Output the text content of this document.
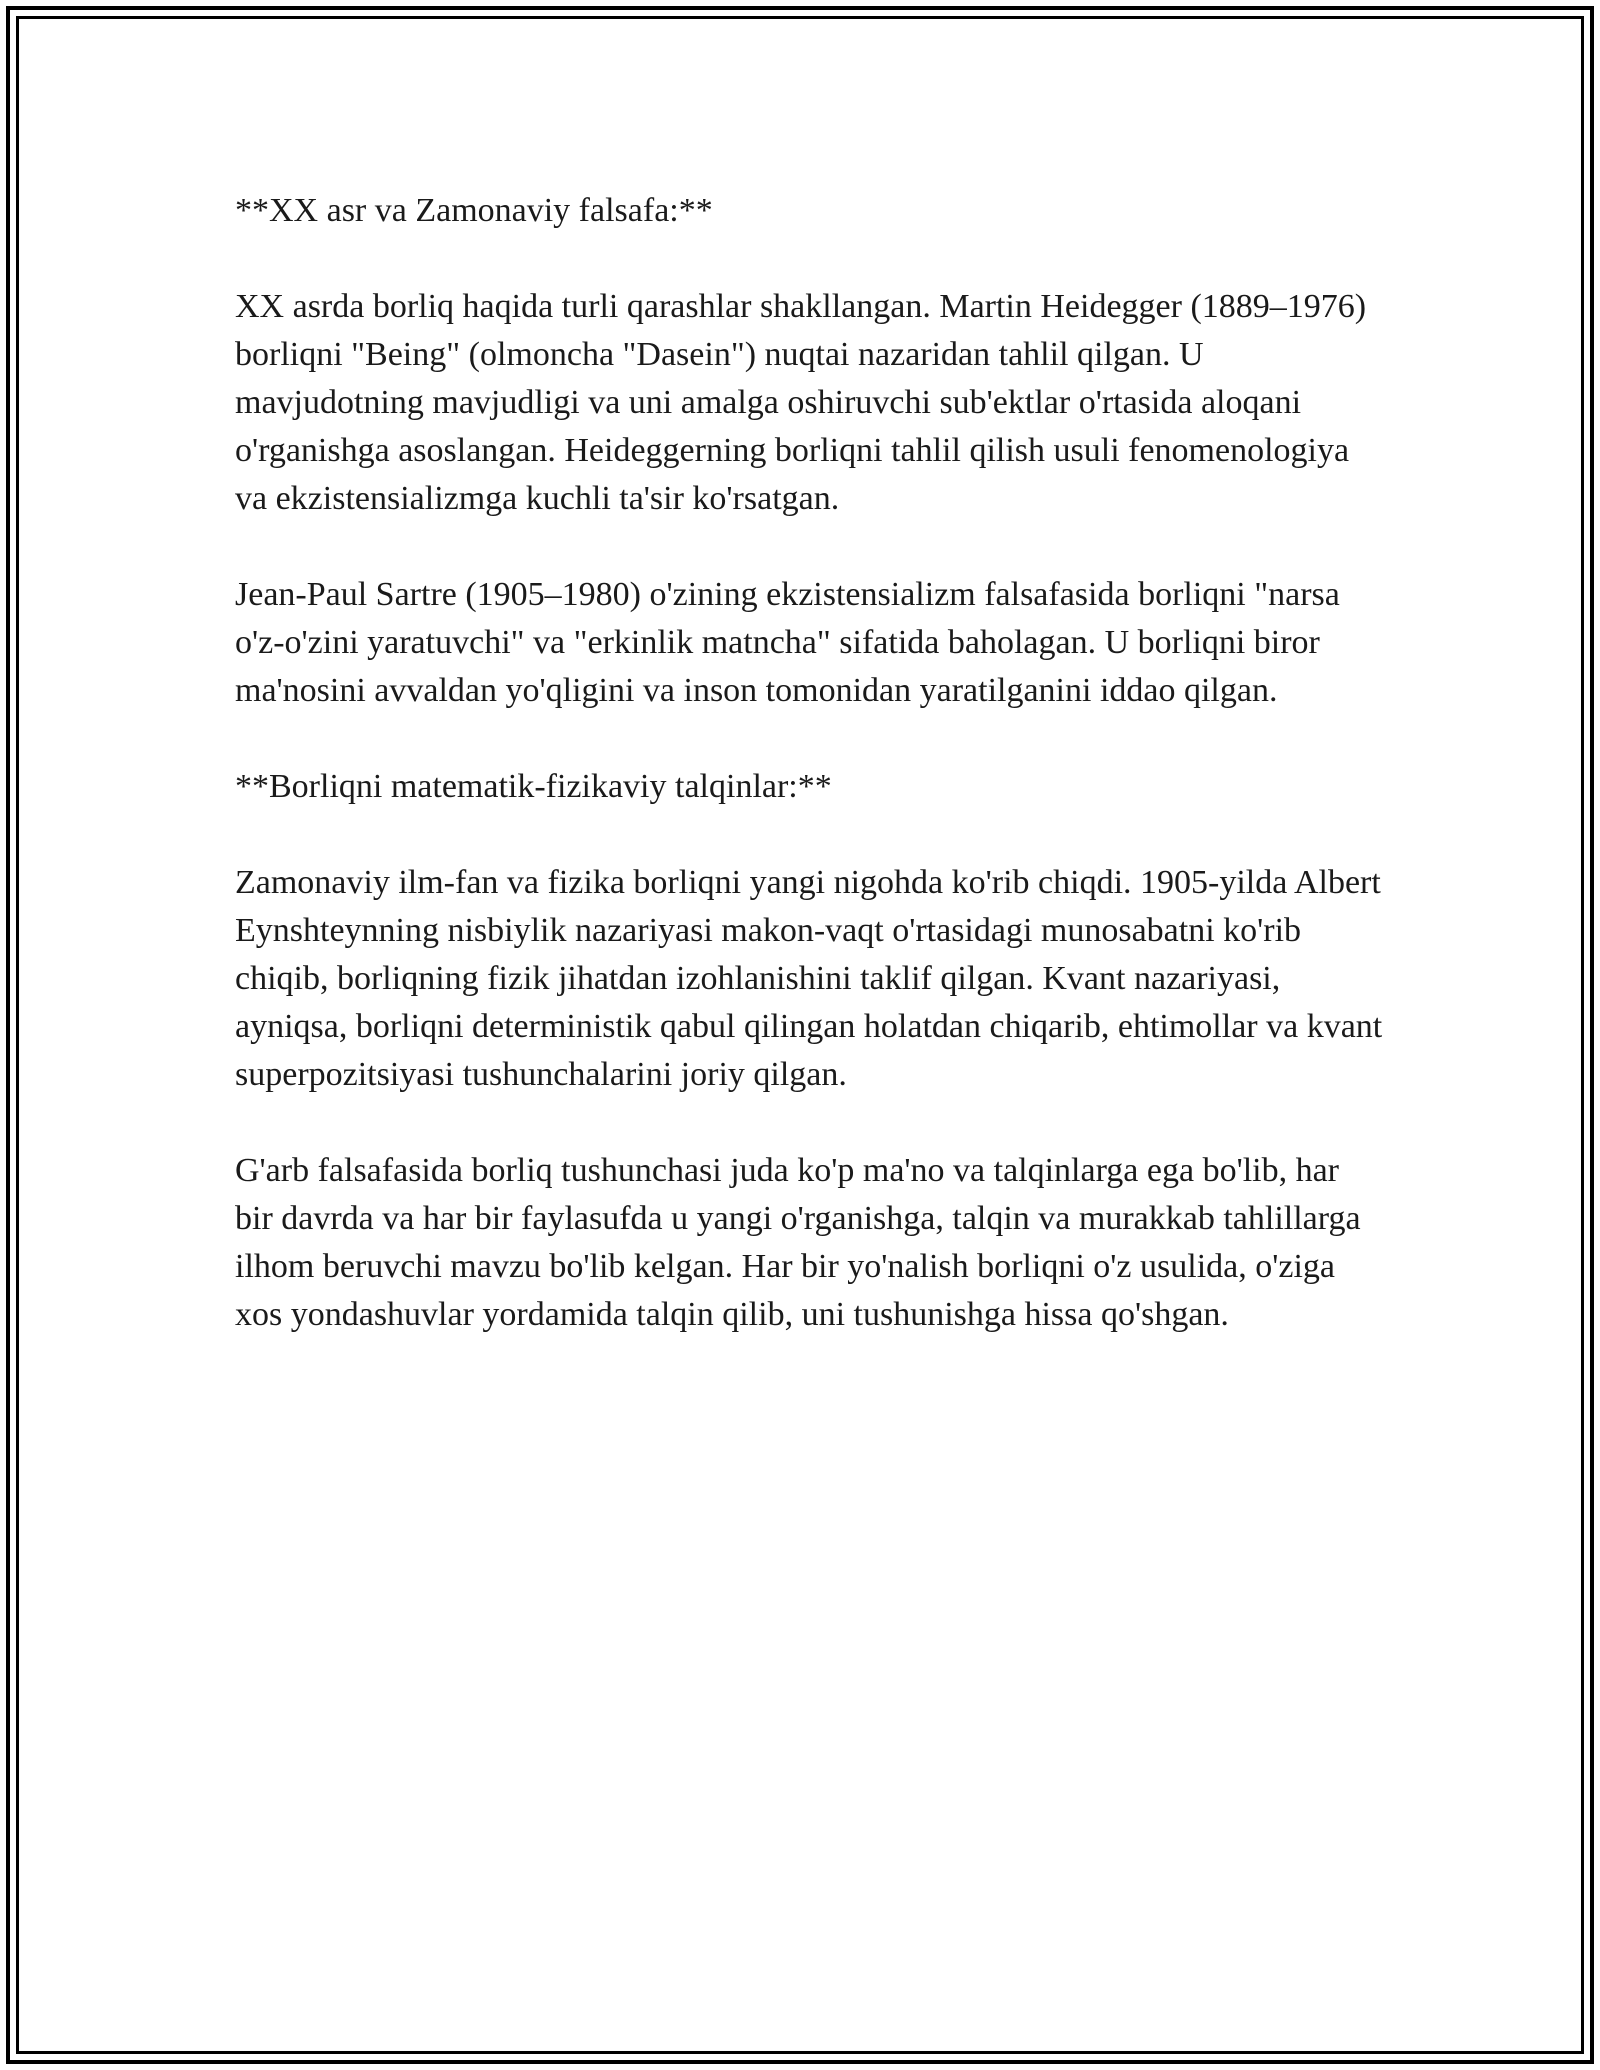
**XX asr va Zamonaviy falsafa:**

XX asrda borliq haqida turli qarashlar shakllangan. Martin Heidegger (1889–1976) borliqni "Being" (olmoncha "Dasein") nuqtai nazaridan tahlil qilgan. U mavjudotning mavjudligi va uni amalga oshiruvchi sub'ektlar o'rtasida aloqani o'rganishga asoslangan. Heideggerning borliqni tahlil qilish usuli fenomenologiya va ekzistensializmga kuchli ta'sir ko'rsatgan.

Jean-Paul Sartre (1905–1980) o'zining ekzistensializm falsafasida borliqni "narsa o'z-o'zini yaratuvchi" va "erkinlik matncha" sifatida baholagan. U borliqni biror ma'nosini avvaldan yo'qligini va inson tomonidan yaratilganini iddao qilgan.

**Borliqni matematik-fizikaviy talqinlar:**

Zamonaviy ilm-fan va fizika borliqni yangi nigohda ko'rib chiqdi. 1905-yilda Albert Eynshteynning nisbiylik nazariyasi makon-vaqt o'rtasidagi munosabatni ko'rib chiqib, borliqning fizik jihatdan izohlanishini taklif qilgan. Kvant nazariyasi, ayniqsa, borliqni deterministik qabul qilingan holatdan chiqarib, ehtimollar va kvant superpozitsiyasi tushunchalarini joriy qilgan.

G'arb falsafasida borliq tushunchasi juda ko'p ma'no va talqinlarga ega bo'lib, har bir davrda va har bir faylasufda u yangi o'rganishga, talqin va murakkab tahlillarga ilhom beruvchi mavzu bo'lib kelgan. Har bir yo'nalish borliqni o'z usulida, o'ziga xos yondashuvlar yordamida talqin qilib, uni tushunishga hissa qo'shgan.
